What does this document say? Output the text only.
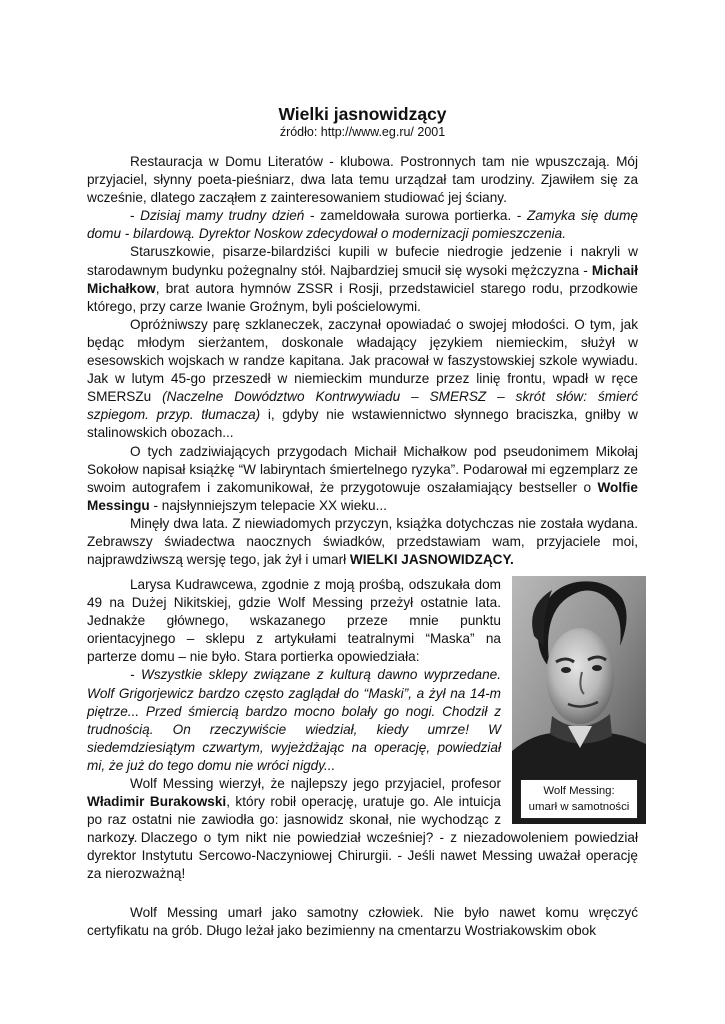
Wielki jasnowidzący
źródło: http://www.eg.ru/ 2001

Restauracja w Domu Literatów - klubowa. Postronnych tam nie wpuszczają. Mój przyjaciel, słynny poeta-pieśniarz, dwa lata temu urządzał tam urodziny. Zjawiłem się za wcześnie, dlatego zacząłem z zainteresowaniem studiować jej ściany.

- Dzisiaj mamy trudny dzień - zameldowała surowa portierka. - Zamyka się dumę domu - bilardową. Dyrektor Noskow zdecydował o modernizacji pomieszczenia.

Staruszkowie, pisarze-bilardziści kupili w bufecie niedrogie jedzenie i nakryli w starodawnym budynku pożegnalny stół. Najbardziej smucił się wysoki mężczyzna - Michaił Michałkow, brat autora hymnów ZSSR i Rosji, przedstawiciel starego rodu, przodkowie którego, przy carze Iwanie Groźnym, byli pościelowymi.

Opróżniwszy parę szklaneczek, zaczynał opowiadać o swojej młodości. O tym, jak będąc młodym sierżantem, doskonale władający językiem niemieckim, służył w esesowskich wojskach w randze kapitana. Jak pracował w faszystowskiej szkole wywiadu. Jak w lutym 45-go przeszedł w niemieckim mundurze przez linię frontu, wpadł w ręce SMERSZu (Naczelne Dowództwo Kontrwywiadu – SMERSZ – skrót słów: śmierć szpiegom. przyp. tłumacza) i, gdyby nie wstawiennictwo słynnego braciszka, gniłby w stalinowskich obozach...

O tych zadziwiających przygodach Michaił Michałkow pod pseudonimem Mikołaj Sokołow napisał książkę “W labiryntach śmiertelnego ryzyka”. Podarował mi egzemplarz ze swoim autografem i zakomunikował, że przygotowuje oszałamiający bestseller o Wolfie Messingu - najsłynniejszym telepacie XX wieku...

Minęły dwa lata. Z niewiadomych przyczyn, książka dotychczas nie została wydana. Zebrawszy świadectwa naocznych świadków, przedstawiam wam, przyjaciele moi, najprawdziwszą wersję tego, jak żył i umarł WIELKI JASNOWIDZĄCY.

Larysa Kudrawcewa, zgodnie z moją prośbą, odszukała dom 49 na Dużej Nikitskiej, gdzie Wolf Messing przeżył ostatnie lata. Jednakże głównego, wskazanego przeze mnie punktu orientacyjnego – sklepu z artykułami teatralnymi “Maska” na parterze domu – nie było. Stara portierka opowiedziała:

- Wszystkie sklepy związane z kulturą dawno wyprzedane. Wolf Grigorjewicz bardzo często zaglądał do “Maski”, a żył na 14-m piętrze... Przed śmiercią bardzo mocno bolały go nogi. Chodził z trudnością. On rzeczywiście wiedział, kiedy umrze! W siedemdziesiątym czwartym, wyjeżdżając na operację, powiedział mi, że już do tego domu nie wróci nigdy...

Wolf Messing wierzył, że najlepszy jego przyjaciel, profesor Władimir Burakowski, który robił operację, uratuje go. Ale intuicja po raz ostatni nie zawiodła go: jasnowidz skonał, nie wychodząc z narkozy.

- Dlaczego o tym nikt nie powiedział wcześniej? - z niezadowoleniem powiedział dyrektor Instytutu Sercowo-Naczyniowej Chirurgii. - Jeśli nawet Messing uważał operację za nierozważną!

Wolf Messing umarł jako samotny człowiek. Nie było nawet komu wręczyć certyfikatu na grób. Długo leżał jako bezimienny na cmentarzu Wostriakowskim obok

Wolf Messing:
umarł w samotności
